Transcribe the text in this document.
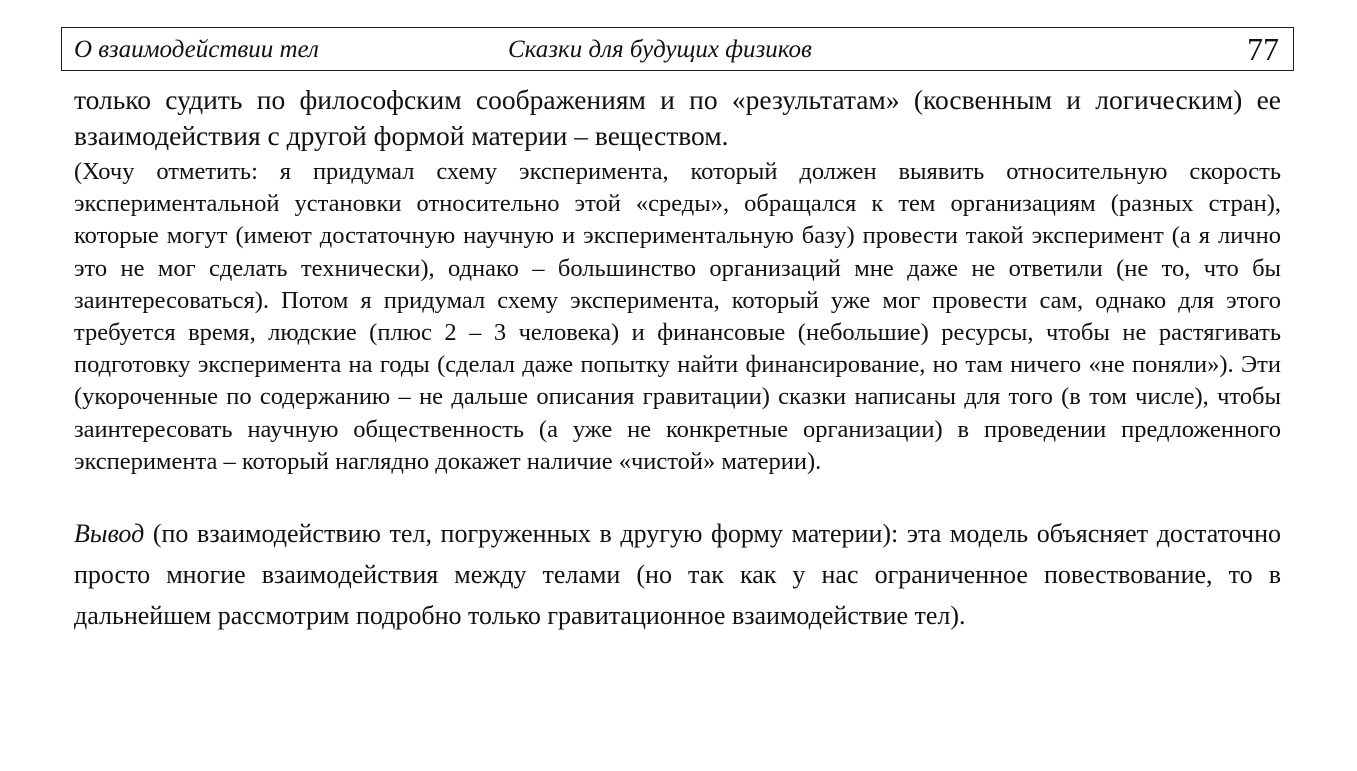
О взаимодействии тел	Сказки для будущих физиков	77

только судить по философским соображениям и по «результатам» (косвенным и логическим) ее взаимодействия с другой формой материи – веществом.

(Хочу отметить: я придумал схему эксперимента, который должен выявить относительную скорость экспериментальной установки относительно этой «среды», обращался к тем организациям (разных стран), которые могут (имеют достаточную научную и экспериментальную базу) провести такой эксперимент (а я лично это не мог сделать технически), однако – большинство организаций мне даже не ответили (не то, что бы заинтересоваться). Потом я придумал схему эксперимента, который уже мог провести сам, однако для этого требуется время, людские (плюс 2 – 3 человека) и финансовые (небольшие) ресурсы, чтобы не растягивать подготовку эксперимента на годы (сделал даже попытку найти финансирование, но там ничего «не поняли»). Эти (укороченные по содержанию – не дальше описания гравитации) сказки написаны для того (в том числе), чтобы заинтересовать научную общественность (а уже не конкретные организации) в проведении предложенного эксперимента – который наглядно докажет наличие «чистой» материи).

Вывод (по взаимодействию тел, погруженных в другую форму материи): эта модель объясняет достаточно просто многие взаимодействия между телами (но так как у нас ограниченное повествование, то в дальнейшем рассмотрим подробно только гравитационное взаимодействие тел).
